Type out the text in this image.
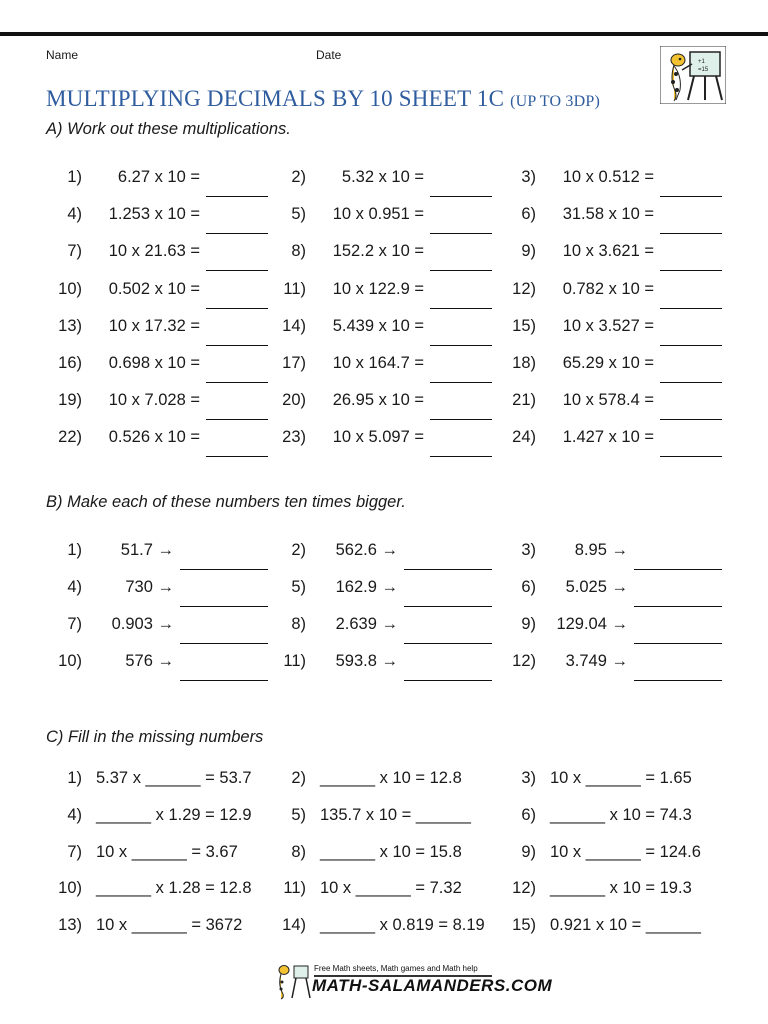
Name	Date
MULTIPLYING DECIMALS BY 10 SHEET 1C (UP TO 3DP)
+1
=15
A) Work out these multiplications.
1) 6.27 x 10 =	2) 5.32 x 10 =	3) 10 x 0.512 =
4) 1.253 x 10 =	5) 10 x 0.951 =	6) 31.58 x 10 =
7) 10 x 21.63 =	8) 152.2 x 10 =	9) 10 x 3.621 =
10) 0.502 x 10 =	11) 10 x 122.9 =	12) 0.782 x 10 =
13) 10 x 17.32 =	14) 5.439 x 10 =	15) 10 x 3.527 =
16) 0.698 x 10 =	17) 10 x 164.7 =	18) 65.29 x 10 =
19) 10 x 7.028 =	20) 26.95 x 10 =	21) 10 x 578.4 =
22) 0.526 x 10 =	23) 10 x 5.097 =	24) 1.427 x 10 =
B) Make each of these numbers ten times bigger.
1) 51.7 →	2) 562.6 →	3) 8.95 →
4)	730 →	5) 162.9 →	6) 5.025 →
7) 0.903 →	8) 2.639 →	9) 129.04 →
10)	576 →	11) 593.8 →	12) 3.749 →
C) Fill in the missing numbers
1) 5.37 x ______ = 53.7	2) ______ x 10 = 12.8	3) 10 x ______ = 1.65
4) ______ x 1.29 = 12.9	5) 135.7 x 10 = ______	6) ______ x 10 = 74.3
7) 10 x ______ = 3.67	8) ______ x 10 = 15.8	9) 10 x ______ = 124.6
10) ______ x 1.28 = 12.8	11) 10 x ______ = 7.32	12) ______ x 10 = 19.3
13) 10 x ______ = 3672	14) ______ x 0.819 = 8.19	15) 0.921 x 10 = ______
Free Math sheets, Math games and Math help
MATH-SALAMANDERS.COM
